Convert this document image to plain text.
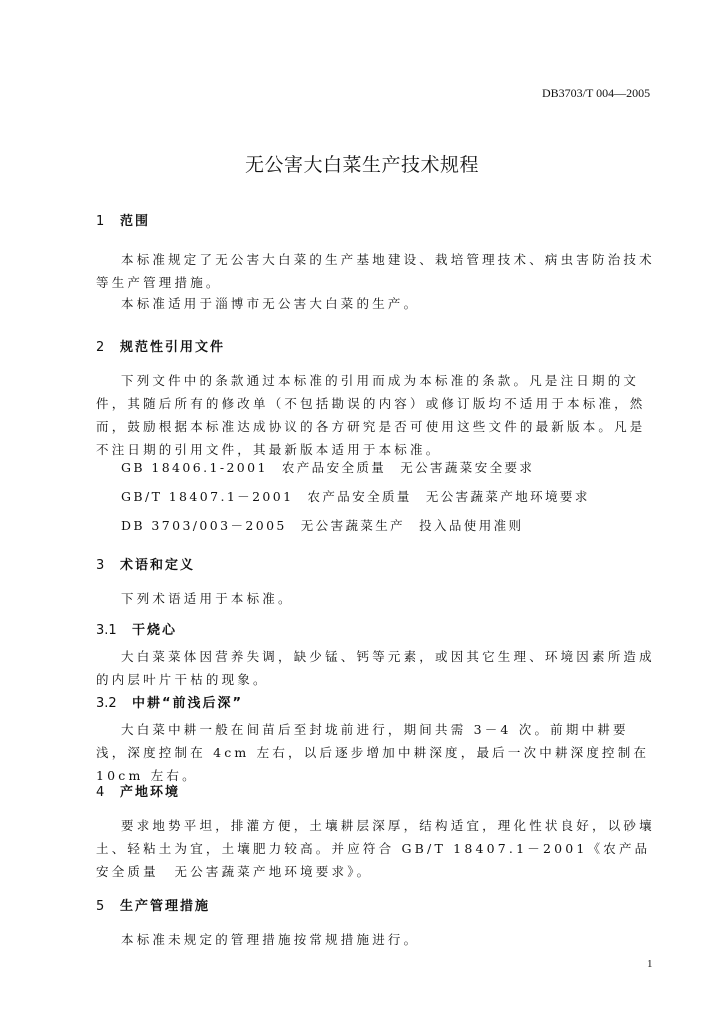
DB3703/T 004—2005
无公害大白菜生产技术规程
1 范围

本标准规定了无公害大白菜的生产基地建设、栽培管理技术、病虫害防治技术等生产管理措施。

本标准适用于淄博市无公害大白菜的生产。

2 规范性引用文件

下列文件中的条款通过本标准的引用而成为本标准的条款。凡是注日期的文件，其随后所有的修改单（不包括勘误的内容）或修订版均不适用于本标准，然而，鼓励根据本标准达成协议的各方研究是否可使用这些文件的最新版本。凡是不注日期的引用文件，其最新版本适用于本标准。

GB 18406.1-2001 农产品安全质量 无公害蔬菜安全要求
GB/T 18407.1－2001 农产品安全质量 无公害蔬菜产地环境要求
DB 3703/003－2005 无公害蔬菜生产 投入品使用准则
3 术语和定义

下列术语适用于本标准。

3.1 干烧心

大白菜菜体因营养失调，缺少锰、钙等元素，或因其它生理、环境因素所造成的内层叶片干枯的现象。

3.2 中耕“前浅后深”

大白菜中耕一般在间苗后至封垅前进行，期间共需 3－4 次。前期中耕要浅，深度控制在 4cm 左右，以后逐步增加中耕深度，最后一次中耕深度控制在 10cm 左右。

4 产地环境

要求地势平坦，排灌方便，土壤耕层深厚，结构适宜，理化性状良好，以砂壤土、轻粘土为宜，土壤肥力较高。并应符合 GB/T 18407.1－2001《农产品安全质量　无公害蔬菜产地环境要求》。

5 生产管理措施

本标准未规定的管理措施按常规措施进行。

1
